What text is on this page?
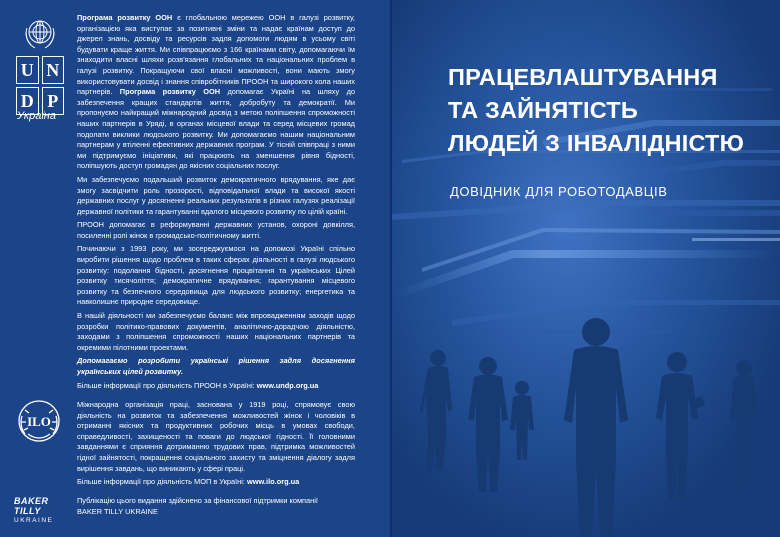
U N
D P
Україна

Програма розвитку ООН є глобальною мережею ООН в галузі розвитку, організацією яка виступає за позитивні зміни та надає країнам доступ до джерел знань, досвіду та ресурсів задля допомоги людям в усьому світі будувати краще життя. Ми співпрацюємо з 166 країнами світу, допомагаючи їм знаходити власні шляхи розв'язання глобальних та національних проблем в галузі розвитку. Покращуючи свої власні можливості, вони мають змогу використовувати досвід і знання співробітників ПРООН та широкого кола наших партнерів. Програма розвитку ООН допомагає Україні на шляху до забезпечення кращих стандартів життя, добробуту та демократії. Ми пропонуємо найкращий міжнародний досвід з метою поліпшення спроможності наших партнерів в Уряді, в органах місцевої влади та серед місцевих громад подолати виклики людського розвитку. Ми допомагаємо нашим національним партнерам у втіленні ефективних державних програм. У тісній співпраці з ними ми підтримуємо ініціативи, які працюють на зменшення рівня бідності, поліпшують доступ громадян до якісних соціальних послуг.

Ми забезпечуємо подальший розвиток демократичного врядування, яке дає змогу засвідчити роль прозорості, відповідальної влади та високої якості державних послуг у досягненні реальних результатів в різних галузях реалізації державної політики та гарантуванні вдалого місцевого розвитку по цілій країні.

ПРООН допомагає в реформуванні державних установ, охороні довкілля, посиленні ролі жінок в громадсько-політичному житті.

Починаючи з 1993 року, ми зосереджуємося на допомозі Україні спільно виробити рішення щодо проблем в таких сферах діяльності в галузі людського розвитку: подолання бідності, досягнення процвітання та українських Цілей розвитку тисячоліття; демократичне врядування; гарантування місцевого розвитку та безпечного середовища для людського розвитку; енергетика та навколишнє природне середовище.

В нашій діяльності ми забезпечуємо баланс між впровадженням заходів щодо розробки політико-правових документів, аналітично-дорадчою діяльністю, заходами з поліпшення спроможності наших національних партнерів та окремими пілотними проектами.

Допомагаємо розробити українські рішення задля досягнення українських цілей розвитку.

Більше інформації про діяльність ПРООН в Україні: www.undp.org.ua

ILO

Міжнародна організація праці, заснована у 1919 році, спрямовує свою діяльність на розвиток та забезпечення можливостей жінок і чоловіків в отриманні якісних та продуктивних робочих місць в умовах свободи, справедливості, захищеності та поваги до людської гідності. Її головними завданнями є сприяння дотриманню трудових прав, підтримка можливостей гідної зайнятості, покращення соціального захисту та зміцнення діалогу задля вирішення завдань, що виникають у сфері праці.

Більше інформації про діяльність МОП в Україні: www.ilo.org.ua

BAKER TILLY
UKRAINE
Публікацію цього видання здійснено за фінансової підтримки компанії
BAKER TILLY UKRAINE
ПРАЦЕВЛАШТУВАННЯ
ТА ЗАЙНЯТІСТЬ
ЛЮДЕЙ З ІНВАЛІДНІСТЮ
ДОВІДНИК ДЛЯ РОБОТОДАВЦІВ
